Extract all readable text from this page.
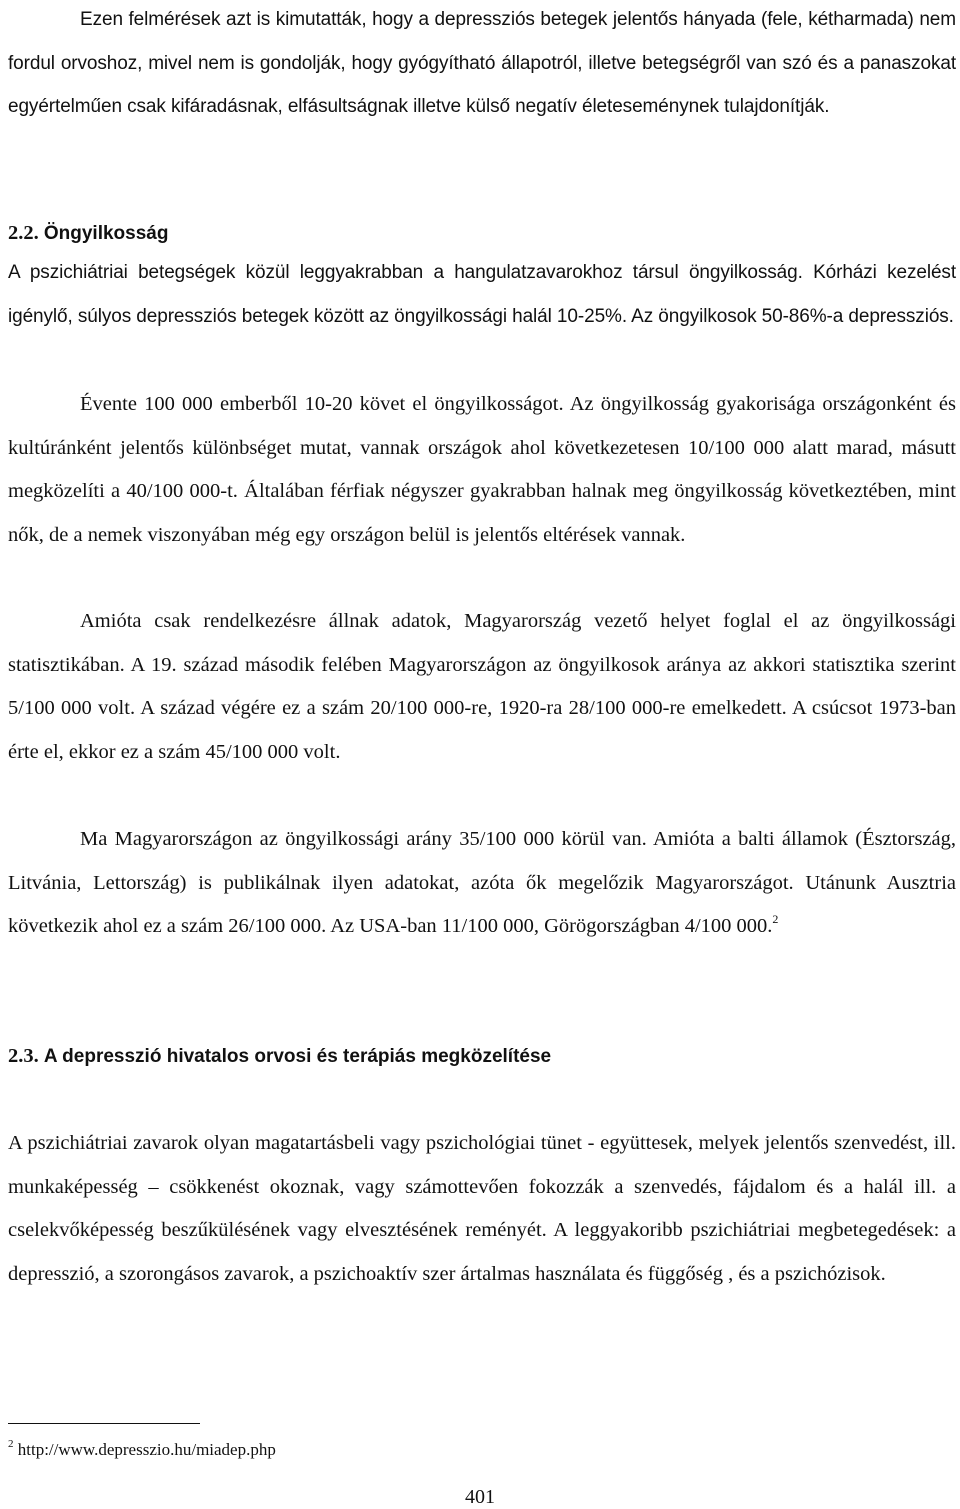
Ezen felmérések azt is kimutatták, hogy a depressziós betegek jelentős hányada (fele, kétharmada) nem fordul orvoshoz, mivel nem is gondolják, hogy gyógyítható állapotról, illetve betegségről van szó és a panaszokat egyértelműen csak kifáradásnak, elfásultságnak illetve külső negatív életeseménynek tulajdonítják.

2.2. Öngyilkosság

A pszichiátriai betegségek közül leggyakrabban a hangulatzavarokhoz társul öngyilkosság. Kórházi kezelést igénylő, súlyos depressziós betegek között az öngyilkossági halál 10-25%. Az öngyilkosok 50-86%-a depressziós.

Évente 100 000 emberből 10-20 követ el öngyilkosságot. Az öngyilkosság gyakorisága országonként és kultúránként jelentős különbséget mutat, vannak országok ahol következetesen 10/100 000 alatt marad, másutt megközelíti a 40/100 000-t. Általában férfiak négyszer gyakrabban halnak meg öngyilkosság következtében, mint nők, de a nemek viszonyában még egy országon belül is jelentős eltérések vannak.

Amióta csak rendelkezésre állnak adatok, Magyarország vezető helyet foglal el az öngyilkossági statisztikában. A 19. század második felében Magyarországon az öngyilkosok aránya az akkori statisztika szerint 5/100 000 volt. A század végére ez a szám 20/100 000-re, 1920-ra 28/100 000-re emelkedett. A csúcsot 1973-ban érte el, ekkor ez a szám 45/100 000 volt.

Ma Magyarországon az öngyilkossági arány 35/100 000 körül van. Amióta a balti államok (Észtország, Litvánia, Lettország) is publikálnak ilyen adatokat, azóta ők megelőzik Magyarországot. Utánunk Ausztria következik ahol ez a szám 26/100 000. Az USA-ban 11/100 000, Görögországban 4/100 000.$^2$

2.3. A depresszió hivatalos orvosi és terápiás megközelítése

A pszichiátriai zavarok olyan magatartásbeli vagy pszichológiai tünet - együttesek, melyek jelentős szenvedést, ill. munkaképesség – csökkenést okoznak, vagy számottevően fokozzák a szenvedés, fájdalom és a halál ill. a cselekvőképesség beszűkülésének vagy elvesztésének reményét. A leggyakoribb pszichiátriai megbetegedések: a depresszió, a szorongásos zavarok, a pszichoaktív szer ártalmas használata és függőség , és a pszichózisok.

$^2$ http://www.depresszio.hu/miadep.php
401
